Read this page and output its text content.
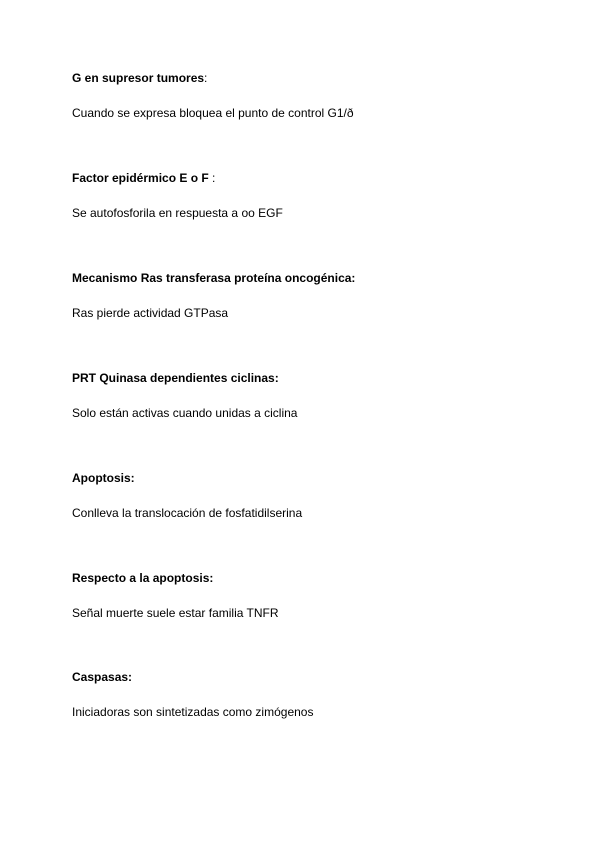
G en supresor tumores:
Cuando se expresa bloquea el punto de control G1/ð
Factor epidérmico E o F :
Se autofosforila en respuesta a oo EGF
Mecanismo Ras transferasa proteína oncogénica:
Ras pierde actividad GTPasa
PRT Quinasa dependientes ciclinas:
Solo están activas cuando unidas a ciclina
Apoptosis:
Conlleva la translocación de fosfatidilserina
Respecto a la apoptosis:
Señal muerte suele estar familia TNFR
Caspasas:
Iniciadoras son sintetizadas como zimógenos
